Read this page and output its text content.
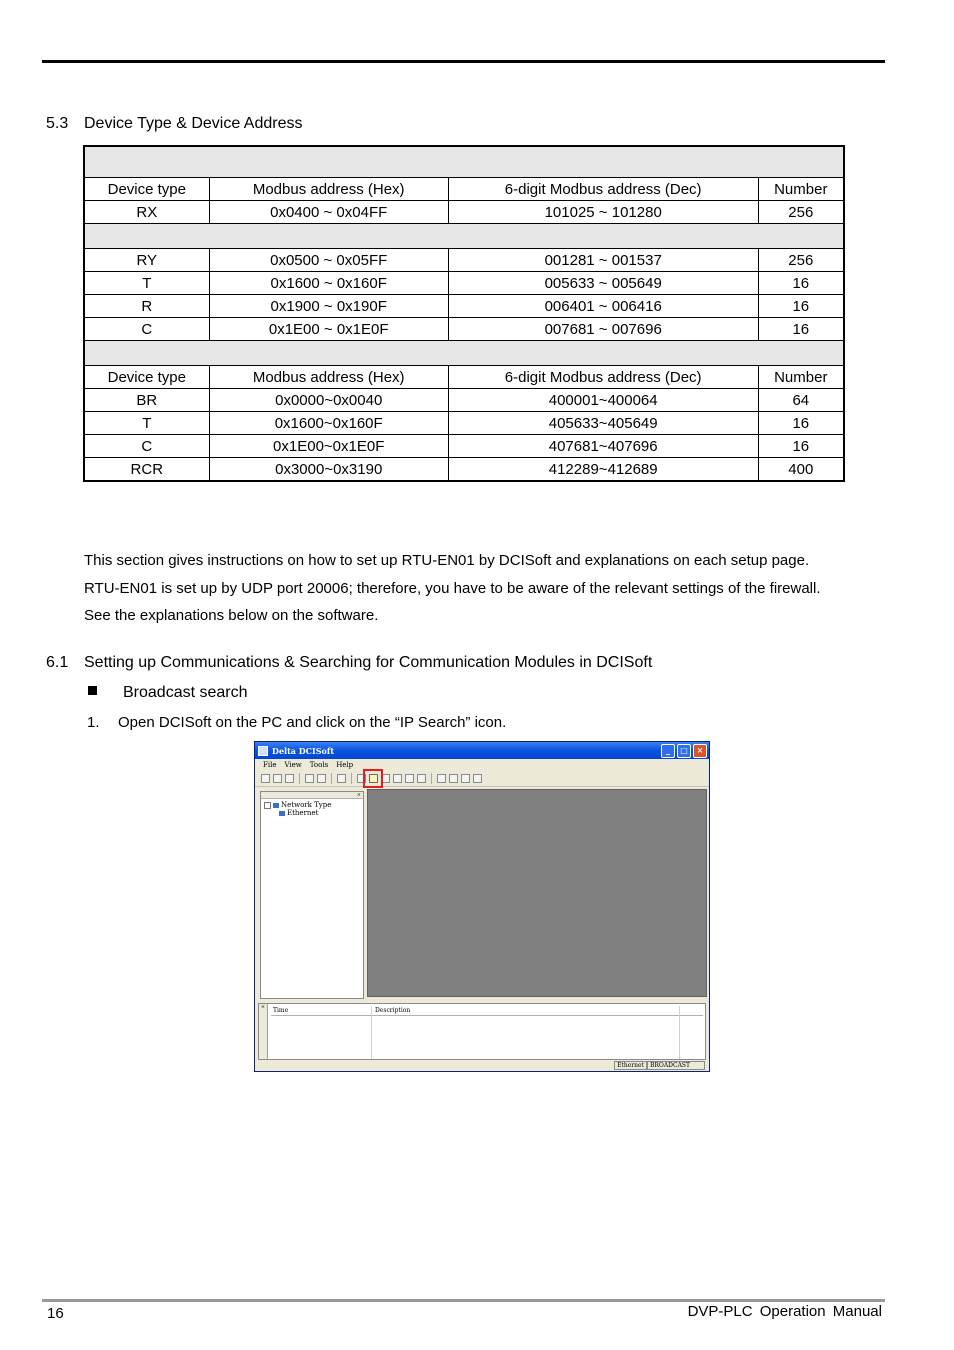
5.3 Device Type & Device Address

Device type	Modbus address (Hex)	6-digit Modbus address (Dec)	Number
RX	0x0400 ~ 0x04FF	101025 ~ 101280	256

RY	0x0500 ~ 0x05FF	001281 ~ 001537	256
T	0x1600 ~ 0x160F	005633 ~ 005649	16
R	0x1900 ~ 0x190F	006401 ~ 006416	16
C	0x1E00 ~ 0x1E0F	007681 ~ 007696	16

Device type	Modbus address (Hex)	6-digit Modbus address (Dec)	Number
BR	0x0000~0x0040	400001~400064	64
T	0x1600~0x160F	405633~405649	16
C	0x1E00~0x1E0F	407681~407696	16
RCR	0x3000~0x3190	412289~412689	400
This section gives instructions on how to set up RTU-EN01 by DCISoft and explanations on each setup page.
RTU-EN01 is set up by UDP port 20006; therefore, you have to be aware of the relevant settings of the firewall.
See the explanations below on the software.
6.1 Setting up Communications & Searching for Communication Modules in DCISoft
Broadcast search
1. Open DCISoft on the PC and click on the “IP Search” icon.
Delta DCISoft	_	□	×
File View Tools Help
×
Network Type
Ethernet
×	Time	Description
Ethernet	BROADCAST
16	DVP-PLC Operation Manual
